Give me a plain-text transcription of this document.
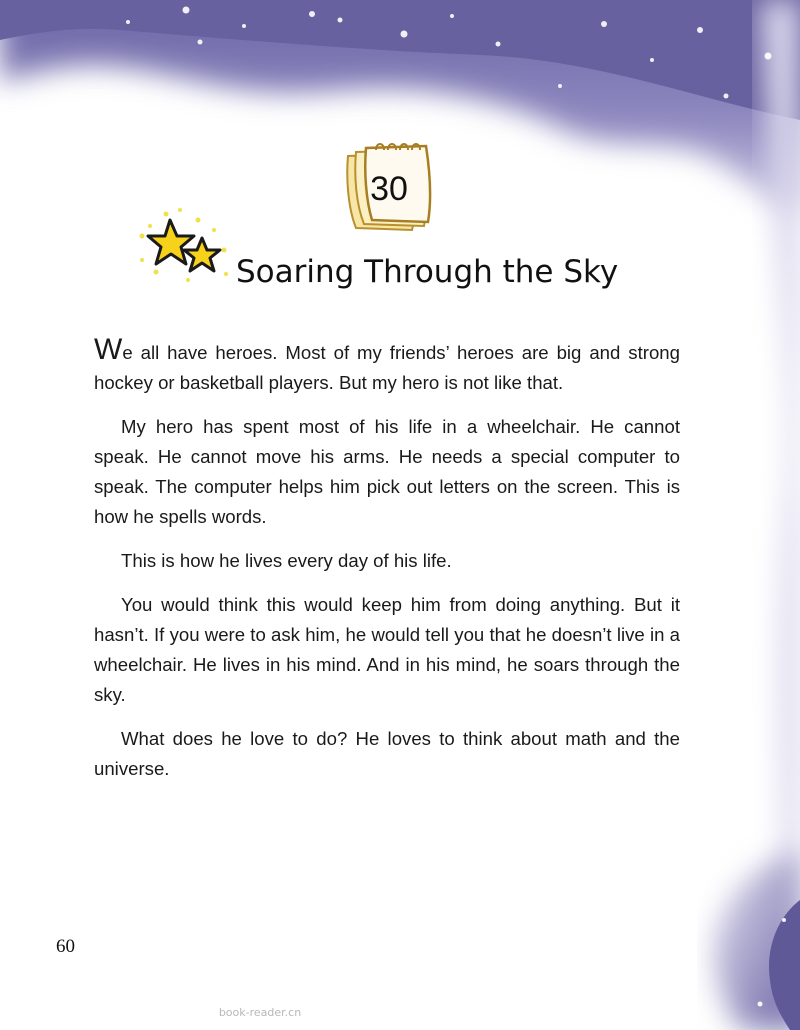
30
Soaring Through the Sky

We all have heroes. Most of my friends’ heroes are big and strong hockey or basketball players. But my hero is not like that.

My hero has spent most of his life in a wheelchair. He cannot speak. He cannot move his arms. He needs a special computer to speak. The computer helps him pick out letters on the screen. This is how he spells words.

This is how he lives every day of his life.

You would think this would keep him from doing anything. But it hasn’t. If you were to ask him, he would tell you that he doesn’t live in a wheelchair. He lives in his mind. And in his mind, he soars through the sky.

What does he love to do? He loves to think about math and the universe.

60
book-reader.cn
